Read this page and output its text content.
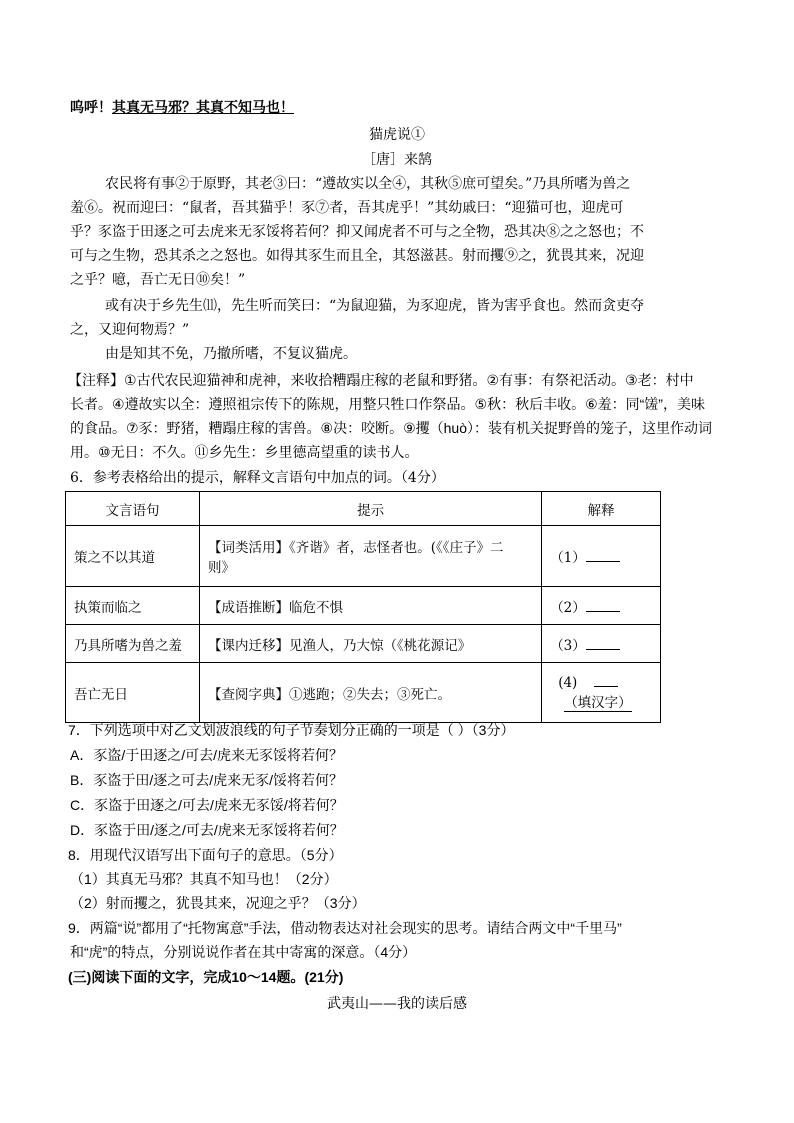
呜呼！其真无马邪？其真不知马也！
猫虎说①
［唐］来鹄
农民将有事②于原野，其老③曰：“遵故实以全④，其秋⑤庶可望矣。”乃具所嗜为兽之
羞⑥。祝而迎曰：“鼠者，吾其猫乎！豕⑦者，吾其虎乎！”其幼戚曰：“迎猫可也，迎虎可
乎？豕盗于田逐之可去虎来无豕馁将若何？抑又闻虎者不可与之全物，恐其决⑧之之怒也；不
可与之生物，恐其杀之之怒也。如得其豕生而且全，其怒滋甚。射而攫⑨之，犹畏其来，况迎
之乎？噫，吾亡无日⑩矣！”
或有决于乡先生⑾，先生听而笑曰：“为鼠迎猫，为豕迎虎，皆为害乎食也。然而贪吏夺
之，又迎何物焉？”
由是知其不免，乃撤所嗜，不复议猫虎。
【注释】①古代农民迎猫神和虎神，来收拾糟蹋庄稼的老鼠和野猪。②有事：有祭祀活动。③老：村中
长者。④遵故实以全：遵照祖宗传下的陈规，用整只牲口作祭品。⑤秋：秋后丰收。⑥羞：同“馐”，美味
的食品。⑦豕：野猪，糟蹋庄稼的害兽。⑧决：咬断。⑨攫（huò）：装有机关捉野兽的笼子，这里作动词
用。⑩无日：不久。⑪乡先生：乡里德高望重的读书人。
6．参考表格给出的提示，解释文言语句中加点的词。（4分）
文言语句	提示	解释
策之不以其道	【词类活用】《齐谐》者，志怪者也。(《《庄子》二
则》	（1）
执策而临之	【成语推断】临危不惧	（2）
乃具所嗜为兽之羞	【课内迁移】见渔人，乃大惊（《桃花源记》	（3）
吾亡无日	【查阅字典】①逃跑；②失去；③死亡。	(4)
（填汉字）
7．下列选项中对乙文划波浪线的句子节奏划分正确的一项是（ ）（3分）
A．豕盗/于田逐之/可去/虎来无豕馁将若何？
B．豕盗于田/逐之可去/虎来无豕/馁将若何？
C．豕盗于田逐之/可去/虎来无豕馁/将若何？
D．豕盗于田/逐之/可去/虎来无豕馁将若何？
8．用现代汉语写出下面句子的意思。（5分）
（1）其真无马邪？其真不知马也！（2分）
（2）射而攫之，犹畏其来，况迎之乎？（3分）
9．两篇“说”都用了“托物寓意”手法，借动物表达对社会现实的思考。请结合两文中“千里马”
和“虎”的特点，分别说说作者在其中寄寓的深意。（4分）
(三)阅读下面的文字，完成10～14题。(21分)
武夷山——我的读后感
